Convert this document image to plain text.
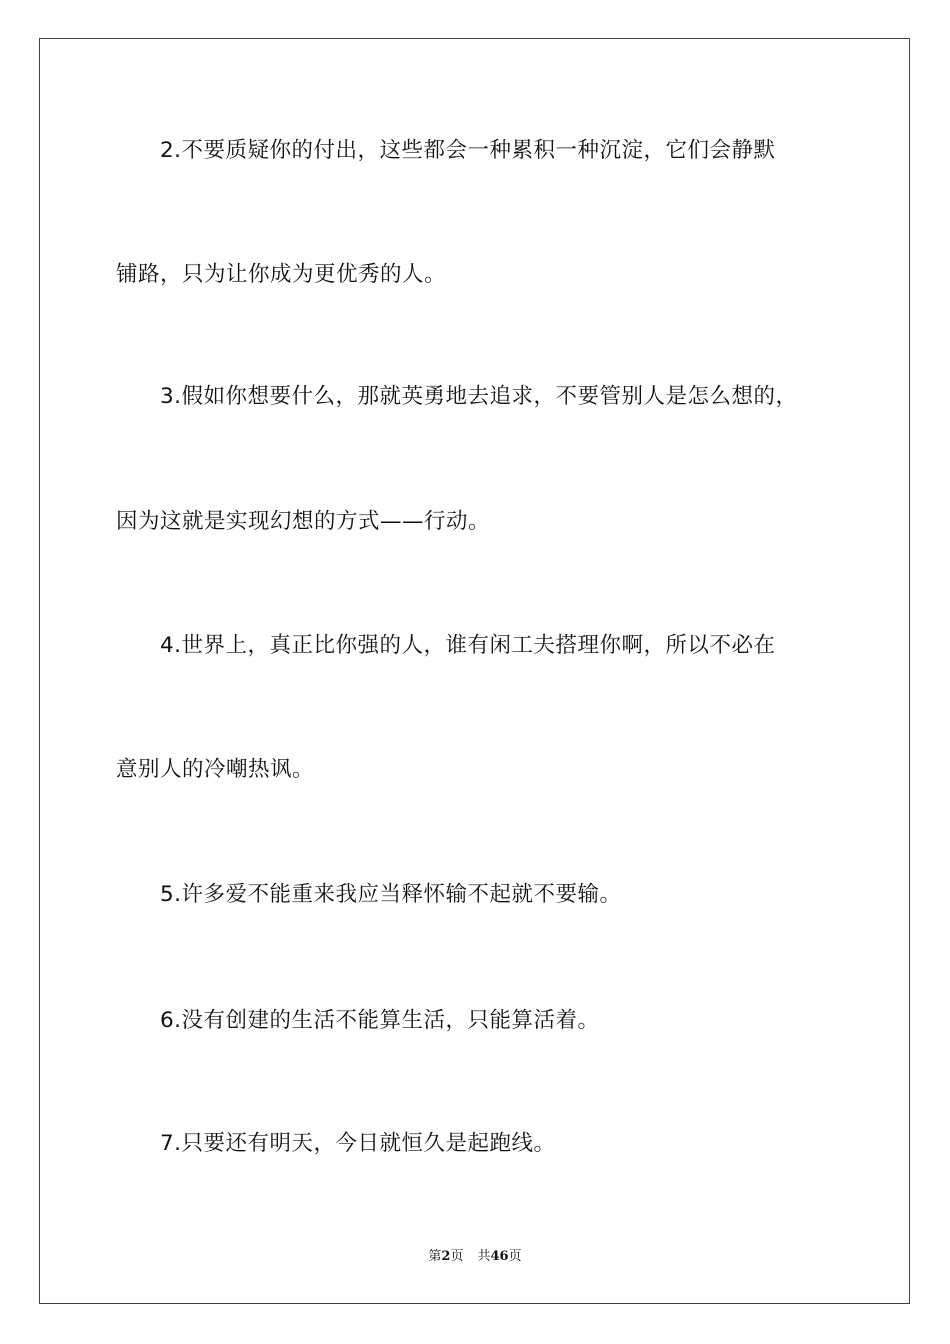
2.不要质疑你的付出，这些都会一种累积一种沉淀，它们会静默
铺路，只为让你成为更优秀的人。
3.假如你想要什么，那就英勇地去追求，不要管别人是怎么想的，
因为这就是实现幻想的方式——行动。
4.世界上，真正比你强的人，谁有闲工夫搭理你啊，所以不必在
意别人的冷嘲热讽。
5.许多爱不能重来我应当释怀输不起就不要输。
6.没有创建的生活不能算生活，只能算活着。
7.只要还有明天，今日就恒久是起跑线。
第2页 共46页
